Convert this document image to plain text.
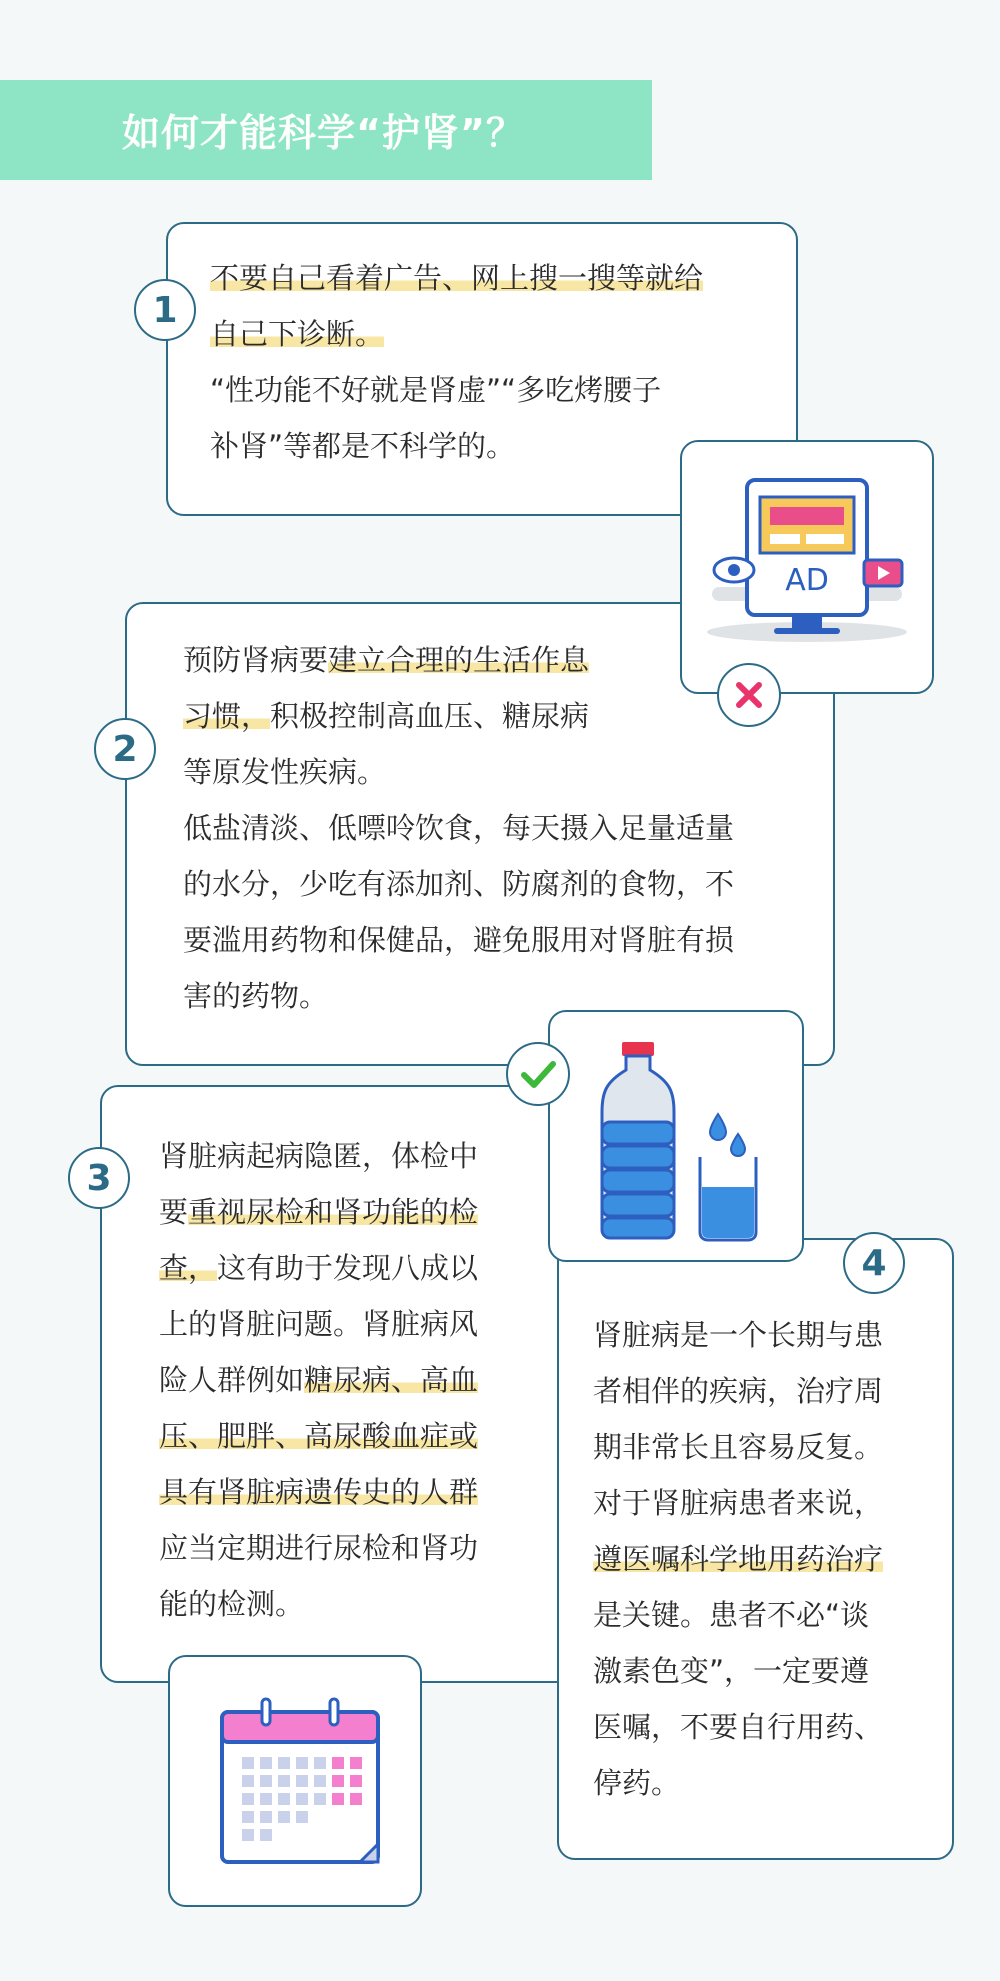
如何才能科学“护肾”？
1
不要自己看着广告、网上搜一搜等就给
自己下诊断。
“性功能不好就是肾虚”“多吃烤腰子
补肾”等都是不科学的。
2
预防肾病要建立合理的生活作息
习惯，积极控制高血压、糖尿病
等原发性疾病。
低盐清淡、低嘌呤饮食，每天摄入足量适量
的水分，少吃有添加剂、防腐剂的食物，不
要滥用药物和保健品，避免服用对肾脏有损
害的药物。
3
肾脏病起病隐匿，体检中
要重视尿检和肾功能的检
查，这有助于发现八成以
上的肾脏问题。肾脏病风
险人群例如糖尿病、高血
压、肥胖、高尿酸血症或
具有肾脏病遗传史的人群
应当定期进行尿检和肾功
能的检测。
4
肾脏病是一个长期与患
者相伴的疾病，治疗周
期非常长且容易反复。
对于肾脏病患者来说，
遵医嘱科学地用药治疗
是关键。患者不必“谈
激素色变”，一定要遵
医嘱，不要自行用药、
停药。
AD
